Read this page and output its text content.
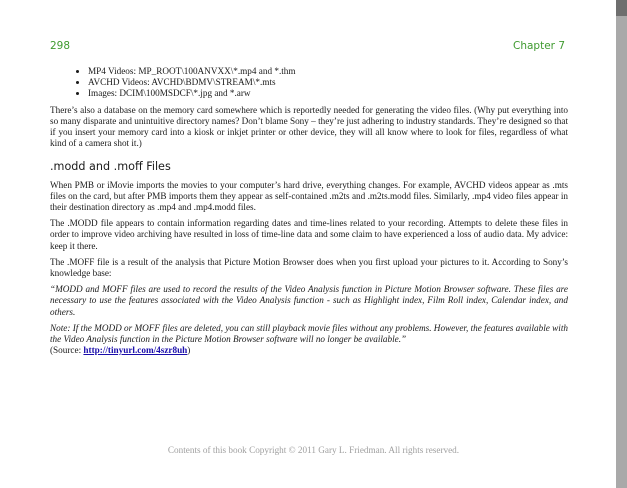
298	Chapter 7
• MP4 Videos: MP_ROOT\100ANVXX\*.mp4 and *.thm
• AVCHD Videos: AVCHD\BDMV\STREAM\*.mts
• Images: DCIM\100MSDCF\*.jpg and *.arw

There’s also a database on the memory card somewhere which is reportedly needed for generating the video files. (Why put everything into so many disparate and unintuitive directory names? Don’t blame Sony – they’re just adhering to industry standards. They’re designed so that if you insert your memory card into a kiosk or inkjet printer or other device, they will all know where to look for files, regardless of what kind of a camera shot it.)

.modd and .moff Files

When PMB or iMovie imports the movies to your computer’s hard drive, everything changes. For example, AVCHD videos appear as .mts files on the card, but after PMB imports them they appear as self-contained .m2ts and .m2ts.modd files. Similarly, .mp4 video files appear in their destination directory as .mp4 and .mp4.modd files.

The .MODD file appears to contain information regarding dates and time-lines related to your recording. Attempts to delete these files in order to improve video archiving have resulted in loss of time-line data and some claim to have experienced a loss of audio data. My advice: keep it there.

The .MOFF file is a result of the analysis that Picture Motion Browser does when you first upload your pictures to it. According to Sony’s knowledge base:

“MODD and MOFF files are used to record the results of the Video Analysis function in Picture Motion Browser software. These files are necessary to use the features associated with the Video Analysis function - such as Highlight index, Film Roll index, Calendar index, and others.

Note: If the MODD or MOFF files are deleted, you can still playback movie files without any problems. However, the features available with the Video Analysis function in the Picture Motion Browser software will no longer be available.”
(Source: http://tinyurl.com/4szr8uh)

Contents of this book Copyright © 2011 Gary L. Friedman. All rights reserved.
